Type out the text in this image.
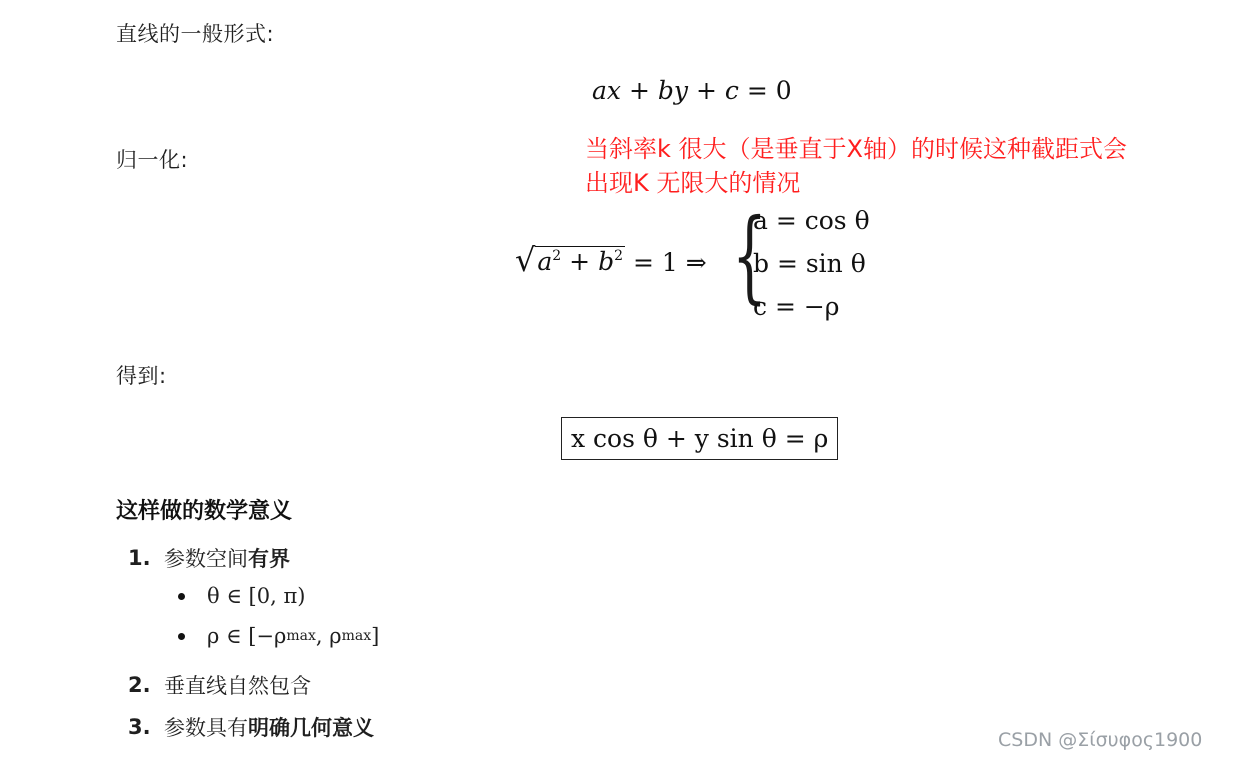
直线的一般形式:
ax + by + c = 0
归一化:	当斜率k 很大（是垂直于X轴）的时候这种截距式会
出现K 无限大的情况
√ $a^2 + b^2 = 1$ ⇒ {
a = cos θ
b = sin θ
c = −ρ
得到:
x cos θ + y sin θ = ρ
这样做的数学意义
1. 参数空间 有界
θ ∈ [0, π)
ρ ∈ [−ρ max , ρ max ]
2. 垂直线自然包含
3. 参数具有 明确几何意义	CSDN @Σίσυφος1900
